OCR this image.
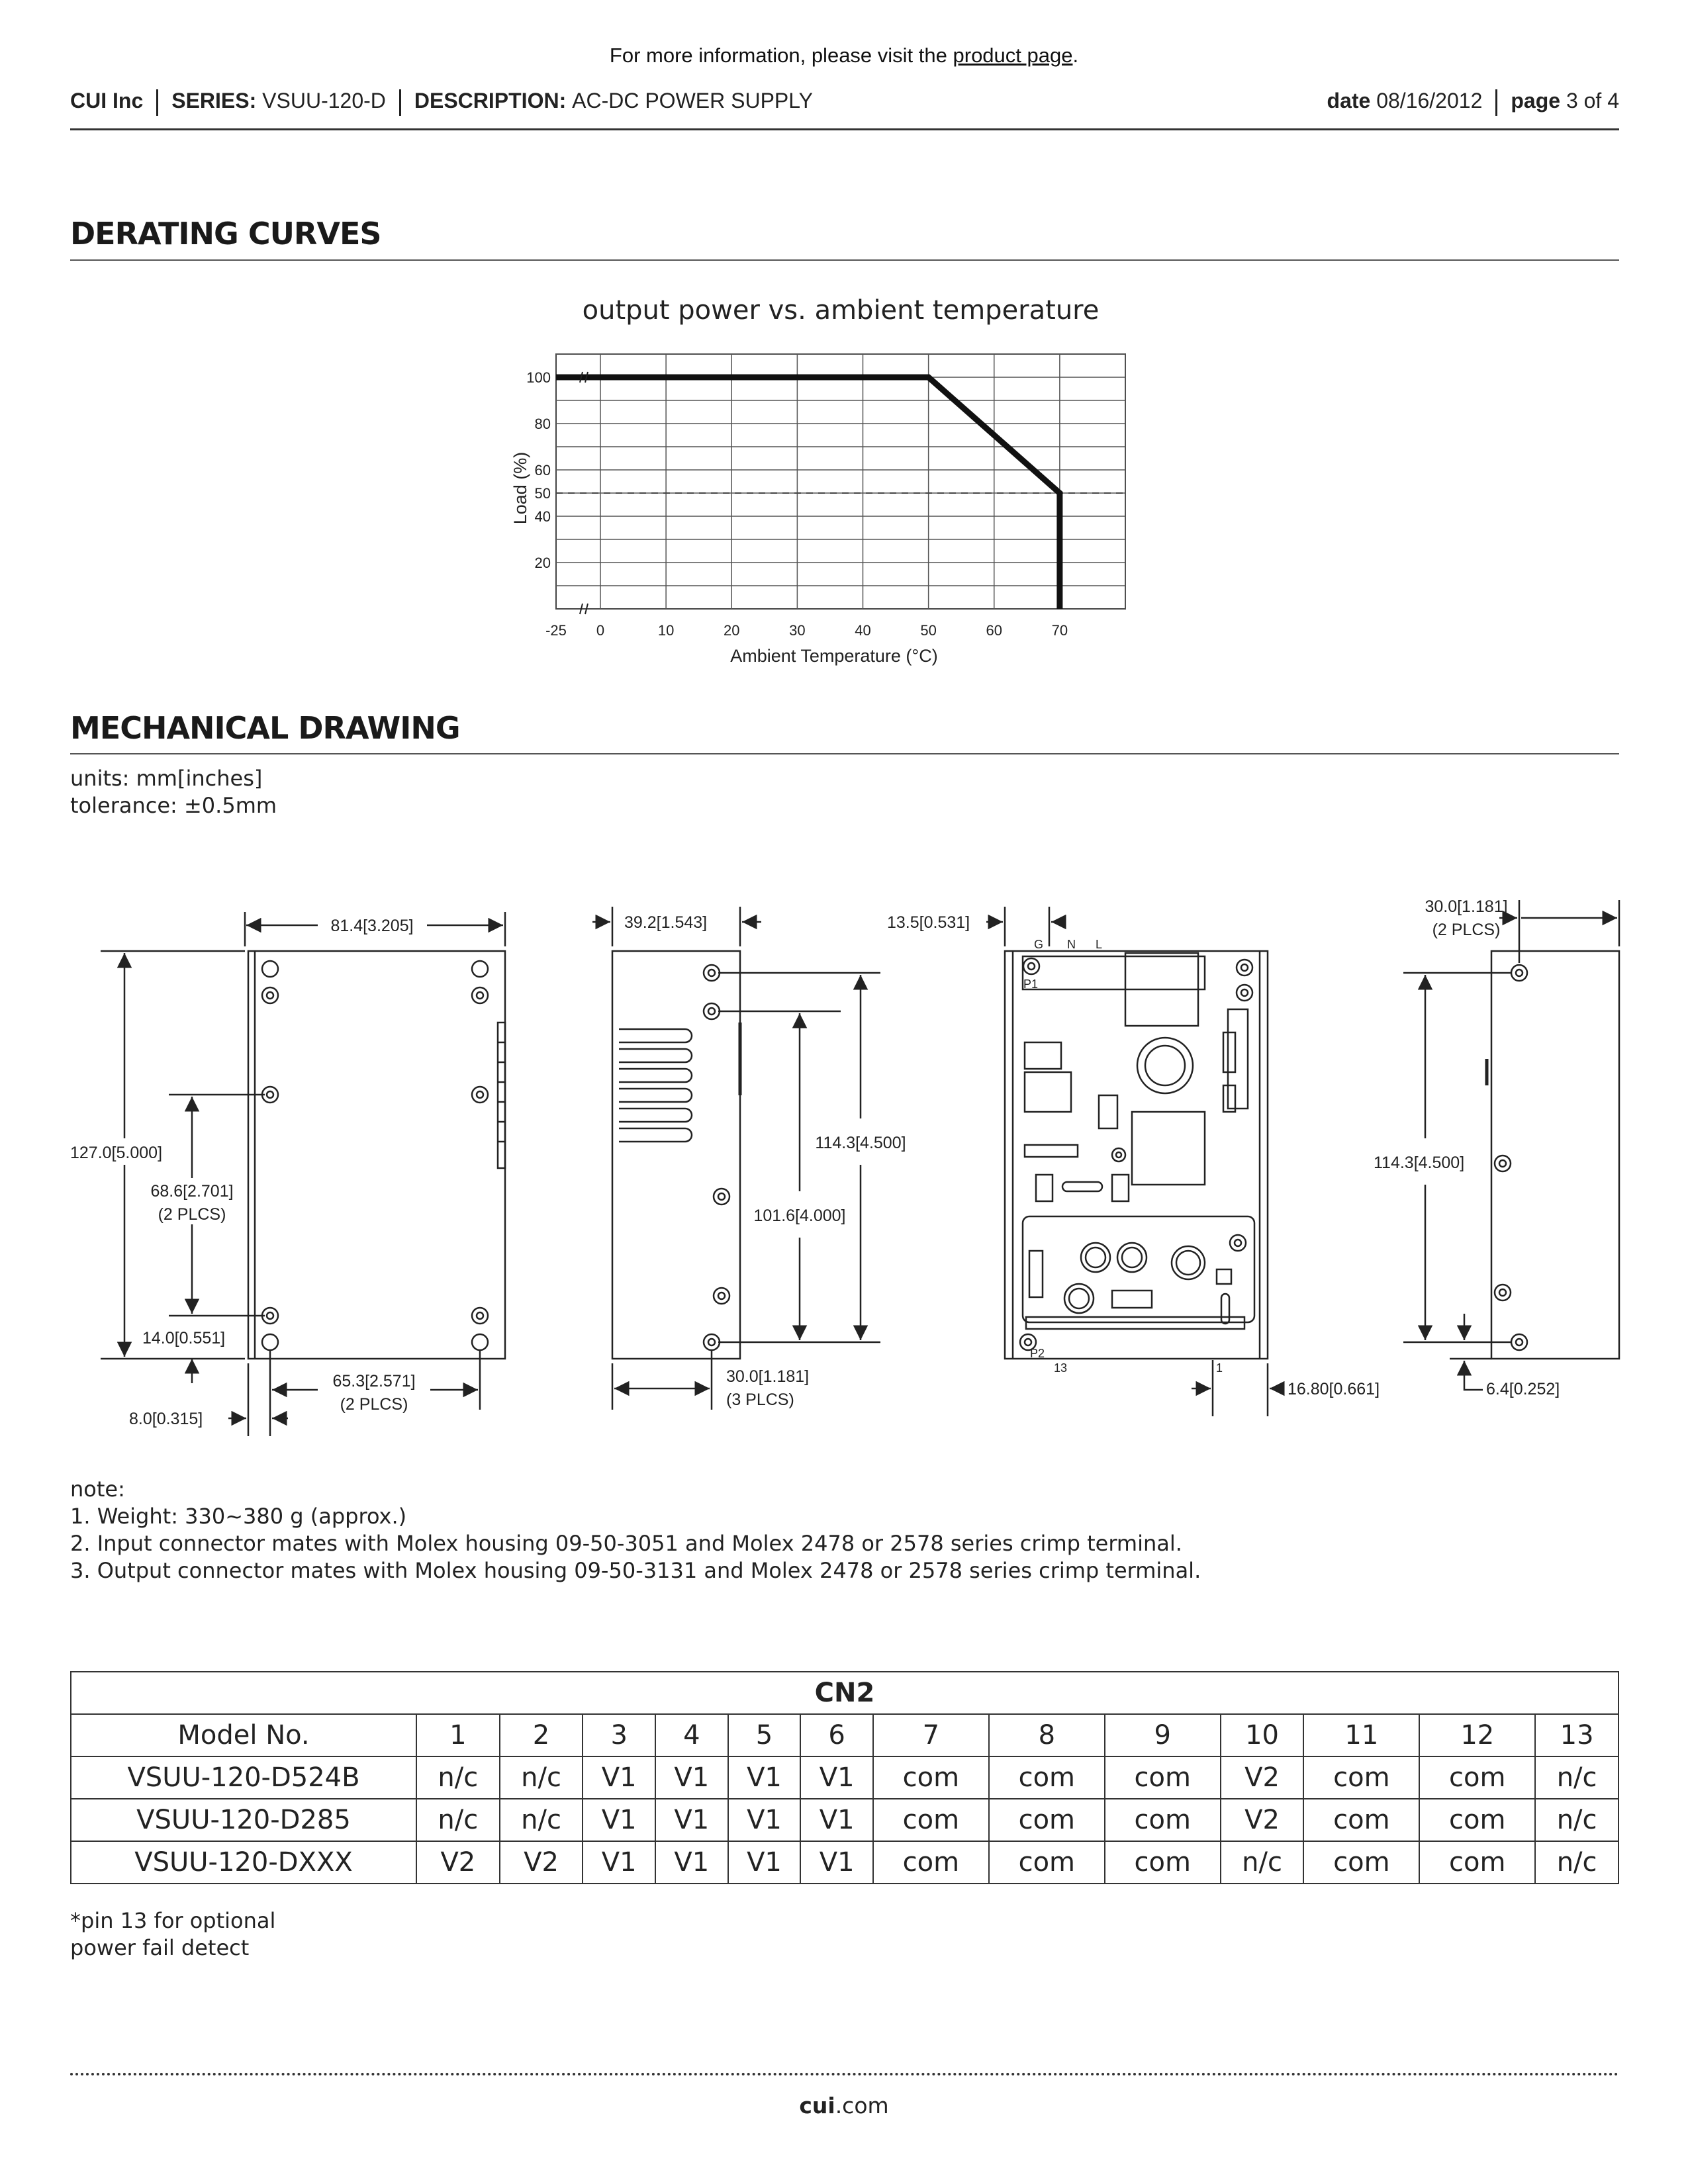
For more information, please visit the product page.
CUI Inc SERIES: VSUU-120-D DESCRIPTION: AC-DC POWER SUPPLY	date 08/16/2012 page 3 of 4
DERATING CURVES
output power vs. ambient temperature
-25 0	10	20	30	40	50	60	70
100
80
60
50
40
20
Ambient Temperature (°C)
Load (%)
MECHANICAL DRAWING
units: mm[inches]
tolerance: ±0.5mm
81.4[3.205]
127.0[5.000]
68.6[2.701]
(2 PLCS)
14.0[0.551]
65.3[2.571]
(2 PLCS)
8.0[0.315]
39.2[1.543]
114.3[4.500]
101.6[4.000]
30.0[1.181]
(3 PLCS)
13.5[0.531]
16.80[0.661]
30.0[1.181]
(2 PLCS)
114.3[4.500]
6.4[0.252]
G N L
P1
P2
13	1
note:
1. Weight: 330~380 g (approx.)
2. Input connector mates with Molex housing 09-50-3051 and Molex 2478 or 2578 series crimp terminal.
3. Output connector mates with Molex housing 09-50-3131 and Molex 2478 or 2578 series crimp terminal.
CN2													
Model No.	1	2	3	4	5	6	7	8	9	10	11	12	13
VSUU-120-D524B	n/c	n/c	V1	V1	V1	V1	com	com	com	V2	com	com	n/c
VSUU-120-D285	n/c	n/c	V1	V1	V1	V1	com	com	com	V2	com	com	n/c
VSUU-120-DXXX	V2	V2	V1	V1	V1	V1	com	com	com	n/c	com	com	n/c
*pin 13 for optional
power fail detect
cui.com
